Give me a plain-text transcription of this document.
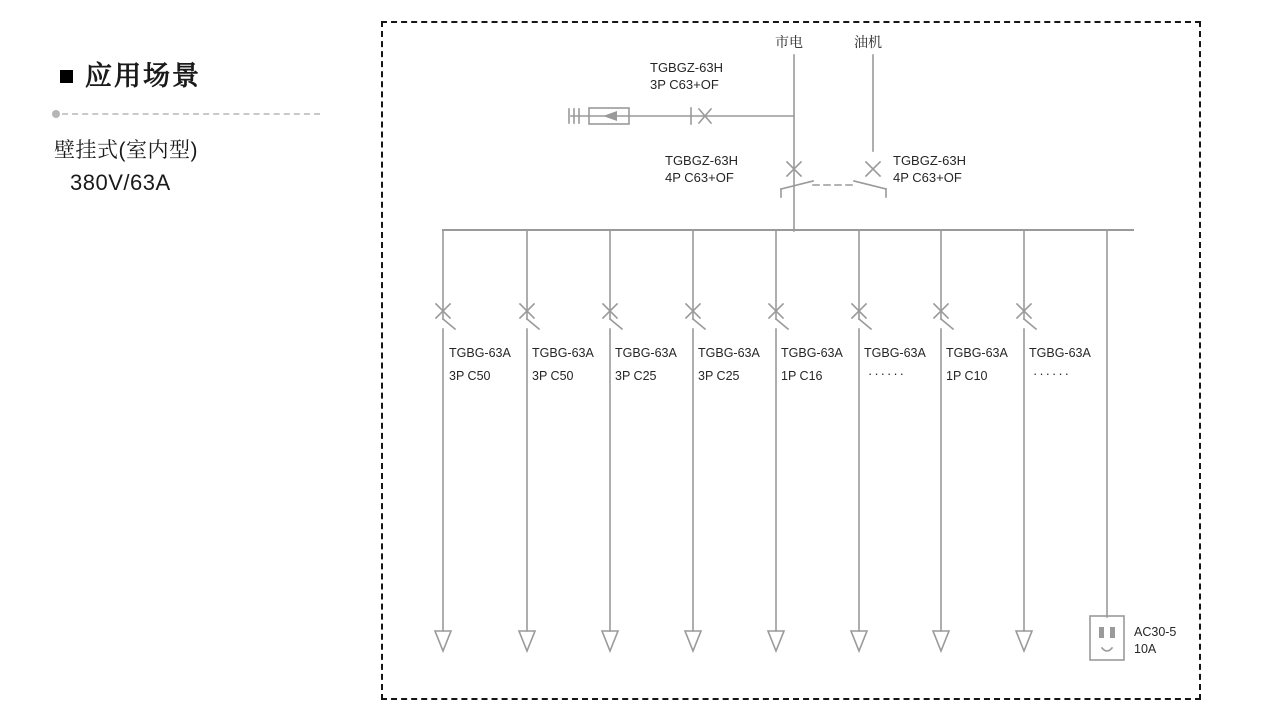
应用场景
壁挂式(室内型)
380V/63A
市电	油机
TGBGZ-63H
3P C63+OF
TGBGZ-63H
4P C63+OF
TGBGZ-63H
4P C63+OF
TGBG-63A
3P C50
TGBG-63A
3P C50
TGBG-63A
3P C25
TGBG-63A
3P C25
TGBG-63A
1P C16
TGBG-63A
······
TGBG-63A
1P C10
TGBG-63A
······
AC30-5
10A
